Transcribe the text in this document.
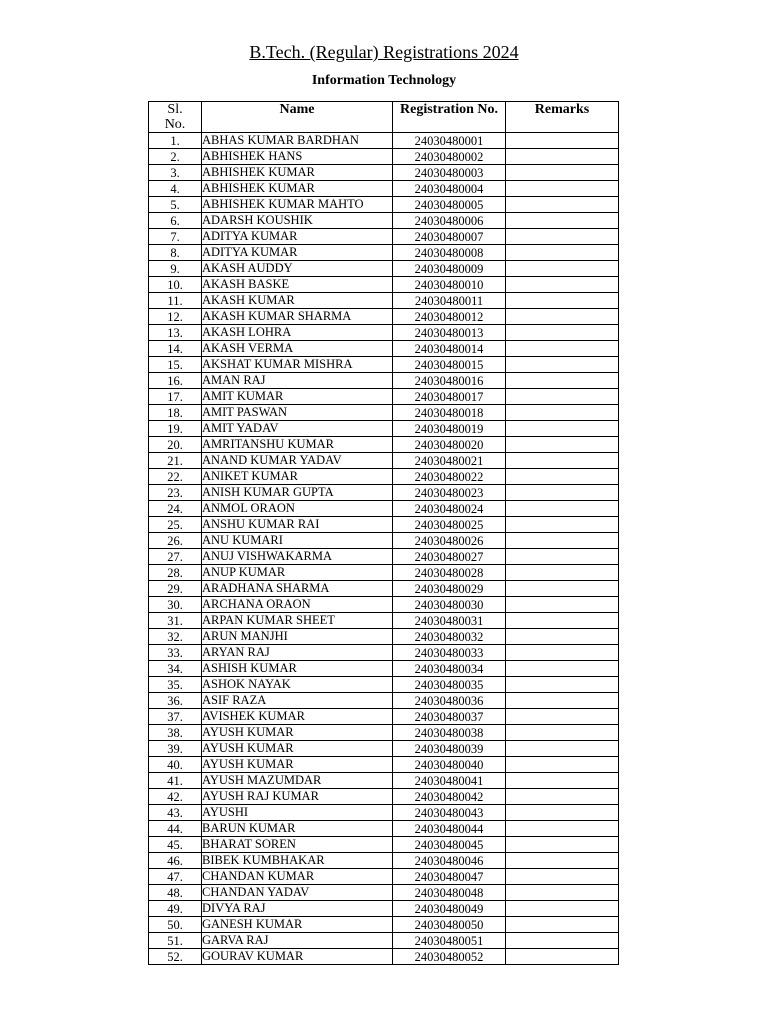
B.Tech. (Regular) Registrations 2024
Information Technology
Sl.
No.	Name	Registration No.	Remarks
1.	ABHAS KUMAR BARDHAN	24030480001	
2.	ABHISHEK HANS	24030480002	
3.	ABHISHEK KUMAR	24030480003	
4.	ABHISHEK KUMAR	24030480004	
5.	ABHISHEK KUMAR MAHTO	24030480005	
6.	ADARSH KOUSHIK	24030480006	
7.	ADITYA KUMAR	24030480007	
8.	ADITYA KUMAR	24030480008	
9.	AKASH AUDDY	24030480009	
10.	AKASH BASKE	24030480010	
11.	AKASH KUMAR	24030480011	
12.	AKASH KUMAR SHARMA	24030480012	
13.	AKASH LOHRA	24030480013	
14.	AKASH VERMA	24030480014	
15.	AKSHAT KUMAR MISHRA	24030480015	
16.	AMAN RAJ	24030480016	
17.	AMIT KUMAR	24030480017	
18.	AMIT PASWAN	24030480018	
19.	AMIT YADAV	24030480019	
20.	AMRITANSHU KUMAR	24030480020	
21.	ANAND KUMAR YADAV	24030480021	
22.	ANIKET KUMAR	24030480022	
23.	ANISH KUMAR GUPTA	24030480023	
24.	ANMOL ORAON	24030480024	
25.	ANSHU KUMAR RAI	24030480025	
26.	ANU KUMARI	24030480026	
27.	ANUJ VISHWAKARMA	24030480027	
28.	ANUP KUMAR	24030480028	
29.	ARADHANA SHARMA	24030480029	
30.	ARCHANA ORAON	24030480030	
31.	ARPAN KUMAR SHEET	24030480031	
32.	ARUN MANJHI	24030480032	
33.	ARYAN RAJ	24030480033	
34.	ASHISH KUMAR	24030480034	
35.	ASHOK NAYAK	24030480035	
36.	ASIF RAZA	24030480036	
37.	AVISHEK KUMAR	24030480037	
38.	AYUSH KUMAR	24030480038	
39.	AYUSH KUMAR	24030480039	
40.	AYUSH KUMAR	24030480040	
41.	AYUSH MAZUMDAR	24030480041	
42.	AYUSH RAJ KUMAR	24030480042	
43.	AYUSHI	24030480043	
44.	BARUN KUMAR	24030480044	
45.	BHARAT SOREN	24030480045	
46.	BIBEK KUMBHAKAR	24030480046	
47.	CHANDAN KUMAR	24030480047	
48.	CHANDAN YADAV	24030480048	
49.	DIVYA RAJ	24030480049	
50.	GANESH KUMAR	24030480050	
51.	GARVA RAJ	24030480051	
52.	GOURAV KUMAR	24030480052	
